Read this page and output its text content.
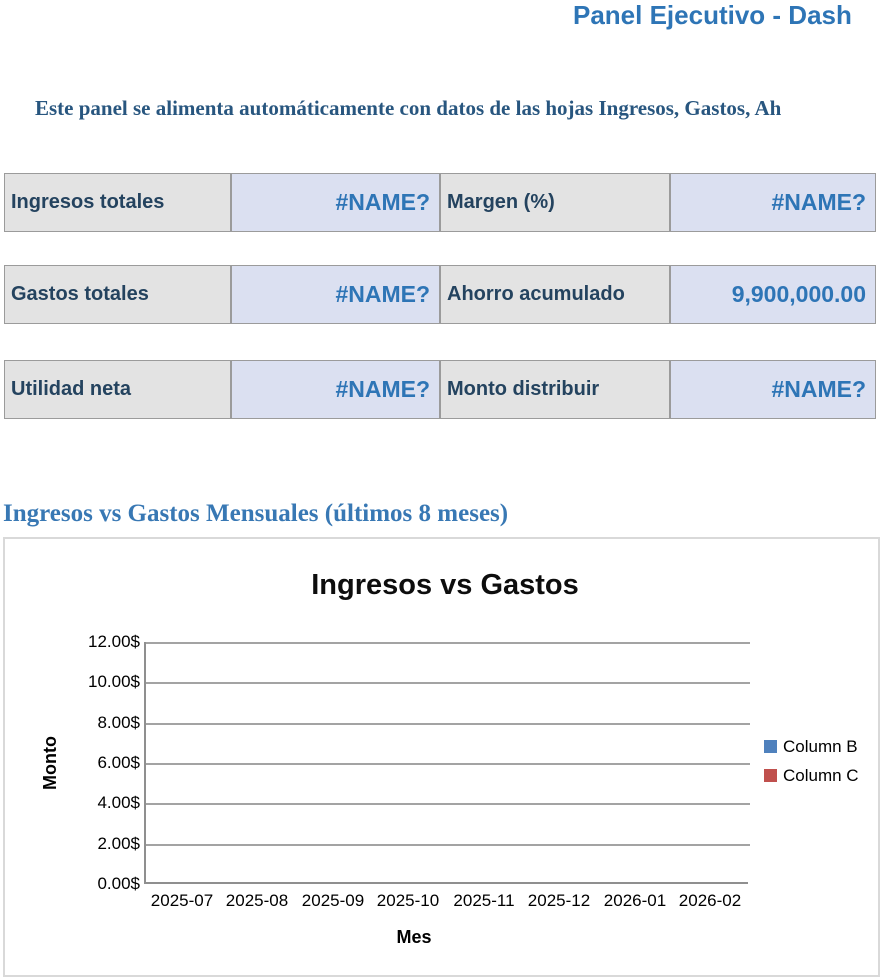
Panel Ejecutivo - Dash
Este panel se alimenta automáticamente con datos de las hojas Ingresos, Gastos, Ah
Ingresos totales	#NAME? Margen (%)	#NAME?
Gastos totales	#NAME? Ahorro acumulado	9,900,000.00
Utilidad neta	#NAME? Monto distribuir	#NAME?
Ingresos vs Gastos Mensuales (últimos 8 meses)
Ingresos vs Gastos
12.00$
10.00$
8.00$
6.00$
4.00$
2.00$
0.00$
Monto
2025-07 2025-08 2025-09 2025-10 2025-11 2025-12 2026-01 2026-02
Mes
Column B
Column C
